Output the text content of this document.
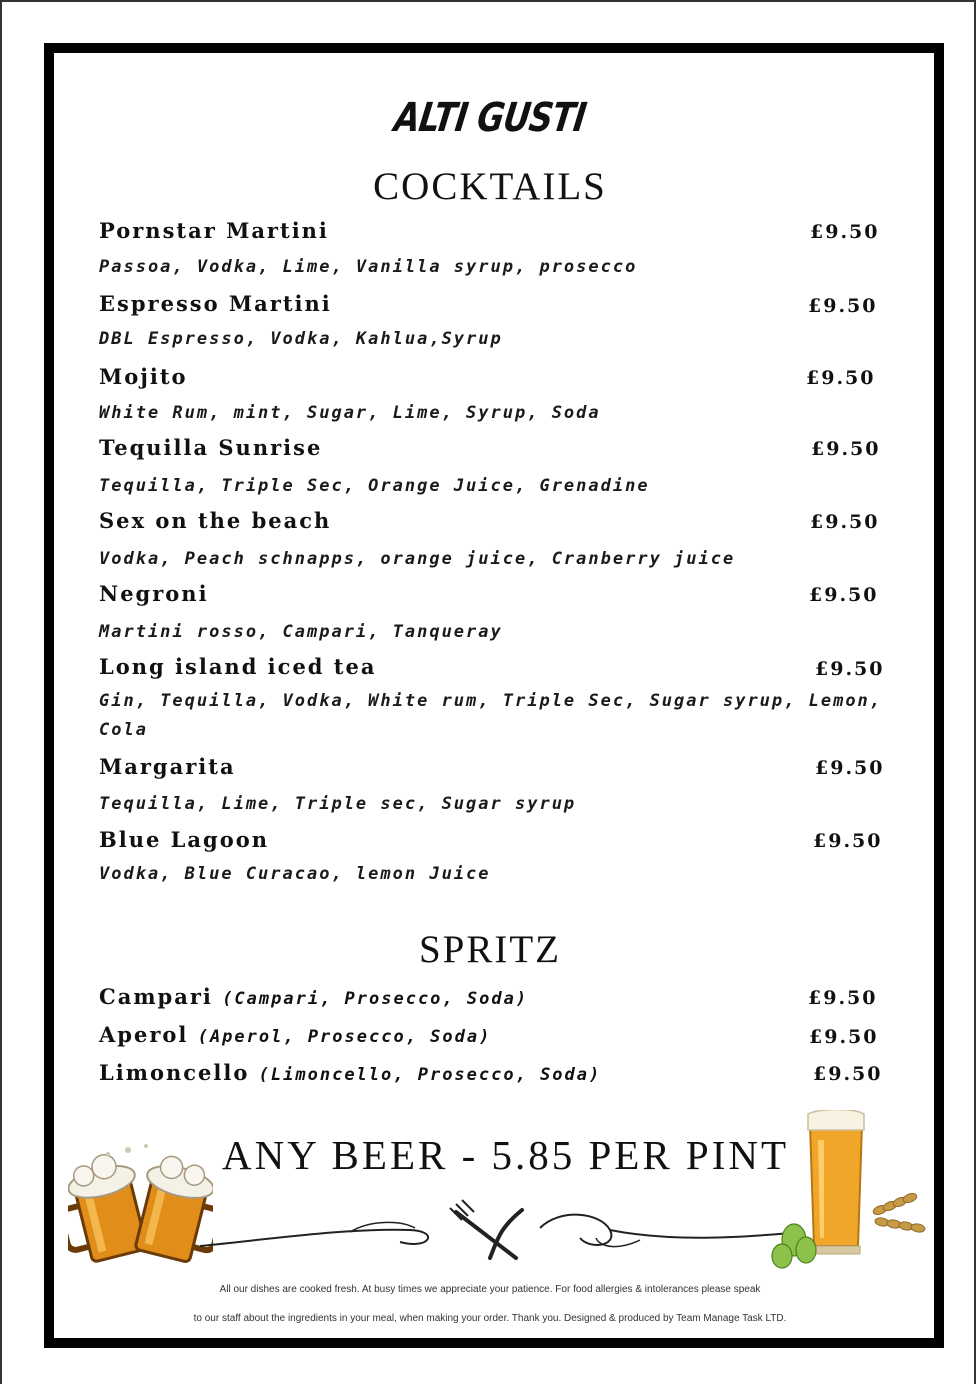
ALTI GUSTI
COCKTAILS
Pornstar Martini	£9.50
Passoa, Vodka, Lime, Vanilla syrup, prosecco
Espresso Martini	£9.50
DBL Espresso, Vodka, Kahlua,Syrup
Mojito	£9.50
White Rum, mint, Sugar, Lime, Syrup, Soda
Tequilla Sunrise	£9.50
Tequilla, Triple Sec, Orange Juice, Grenadine
Sex on the beach	£9.50
Vodka, Peach schnapps, orange juice, Cranberry juice
Negroni	£9.50
Martini rosso, Campari, Tanqueray
Long island iced tea	£9.50
Gin, Tequilla, Vodka, White rum, Triple Sec, Sugar syrup, Lemon,
Cola
Margarita	£9.50
Tequilla, Lime, Triple sec, Sugar syrup
Blue Lagoon	£9.50
Vodka, Blue Curacao, lemon Juice
SPRITZ
Campari (Campari, Prosecco, Soda)	£9.50
Aperol (Aperol, Prosecco, Soda)	£9.50
Limoncello (Limoncello, Prosecco, Soda)	£9.50
ANY BEER - 5.85 PER PINT
All our dishes are cooked fresh. At busy times we appreciate your patience. For food allergies & intolerances please speak
to our staff about the ingredients in your meal, when making your order. Thank you. Designed & produced by Team Manage Task LTD.
